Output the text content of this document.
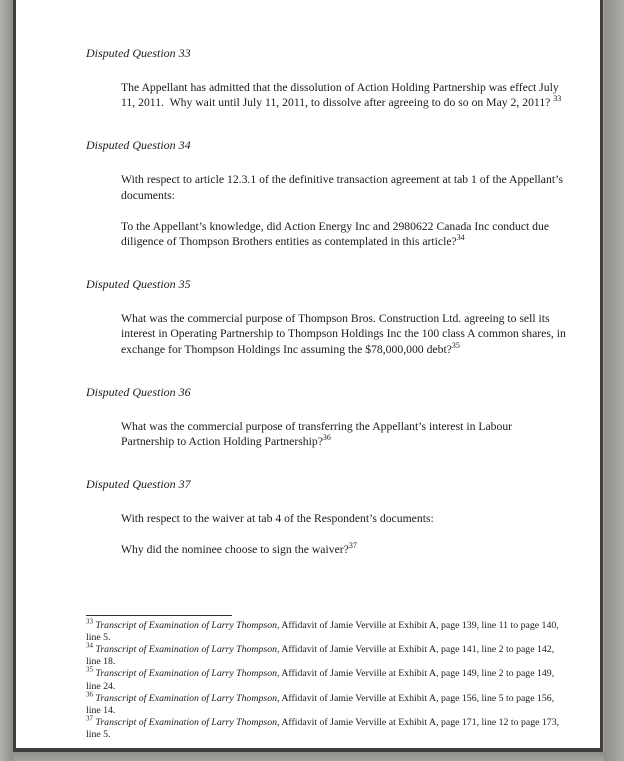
Disputed Question 33

The Appellant has admitted that the dissolution of Action Holding Partnership was effect July 11, 2011.  Why wait until July 11, 2011, to dissolve after agreeing to do so on May 2, 2011? $^{33}$

Disputed Question 34

With respect to article 12.3.1 of the definitive transaction agreement at tab 1 of the Appellant’s documents:

To the Appellant’s knowledge, did Action Energy Inc and 2980622 Canada Inc conduct due diligence of Thompson Brothers entities as contemplated in this article?$^{34}$

Disputed Question 35

What was the commercial purpose of Thompson Bros. Construction Ltd. agreeing to sell its interest in Operating Partnership to Thompson Holdings Inc the 100 class A common shares, in exchange for Thompson Holdings Inc assuming the $78,000,000 debt?$^{35}$

Disputed Question 36

What was the commercial purpose of transferring the Appellant’s interest in Labour Partnership to Action Holding Partnership?$^{36}$

Disputed Question 37

With respect to the waiver at tab 4 of the Respondent’s documents:

Why did the nominee choose to sign the waiver?$^{37}$

$^{33}$ Transcript of Examination of Larry Thompson, Affidavit of Jamie Verville at Exhibit A, page 139, line 11 to page 140, line 5.
$^{34}$ Transcript of Examination of Larry Thompson, Affidavit of Jamie Verville at Exhibit A, page 141, line 2 to page 142, line 18.
$^{35}$ Transcript of Examination of Larry Thompson, Affidavit of Jamie Verville at Exhibit A, page 149, line 2 to page 149, line 24.
$^{36}$ Transcript of Examination of Larry Thompson, Affidavit of Jamie Verville at Exhibit A, page 156, line 5 to page 156, line 14.
$^{37}$ Transcript of Examination of Larry Thompson, Affidavit of Jamie Verville at Exhibit A, page 171, line 12 to page 173, line 5.
